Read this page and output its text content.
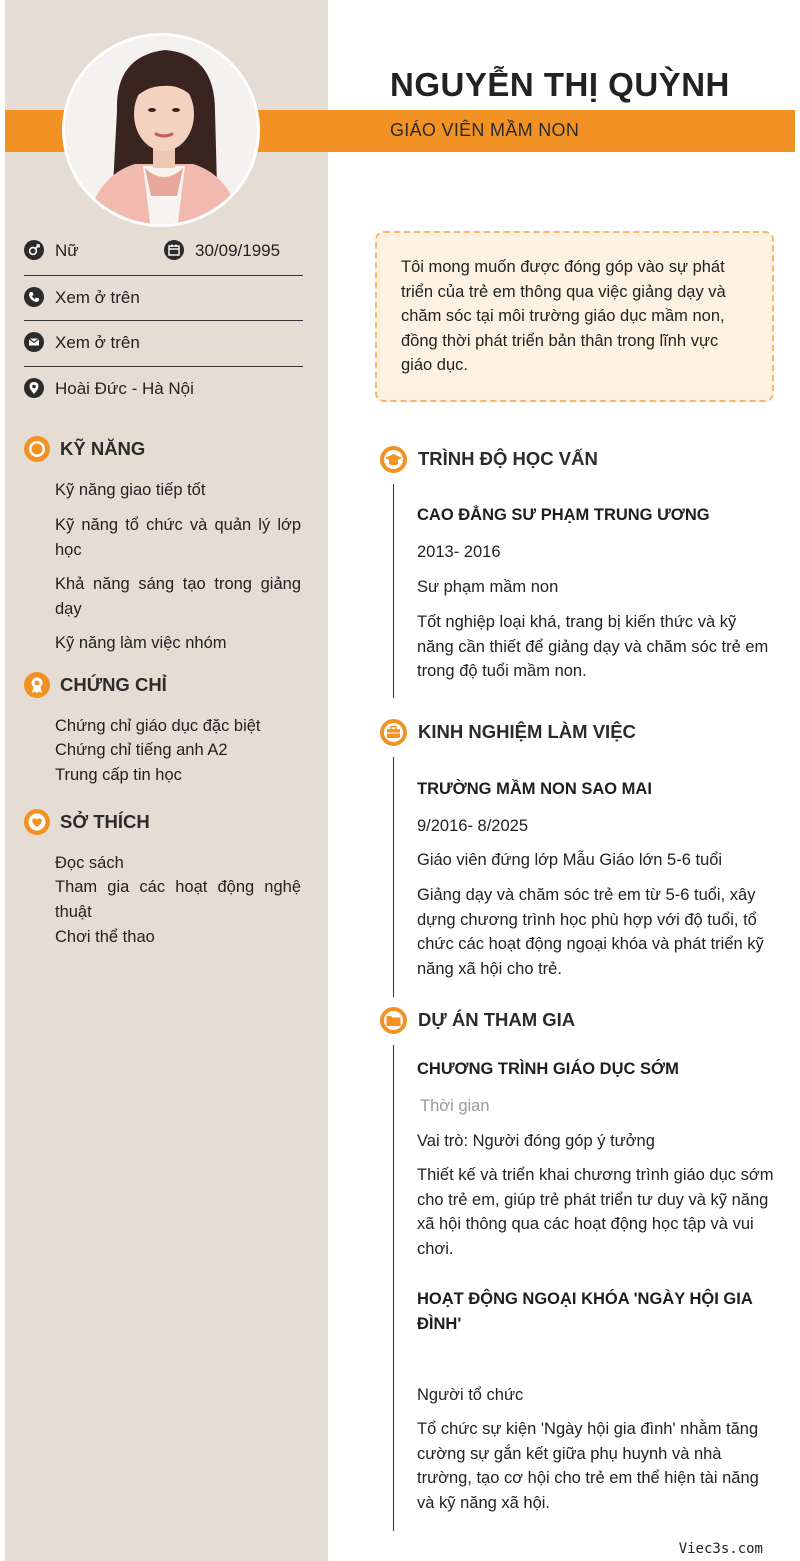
NGUYỄN THỊ QUỲNH
GIÁO VIÊN MẦM NON
Nữ	30/09/1995
Xem ở trên
Xem ở trên
Hoài Đức - Hà Nội
KỸ NĂNG
Kỹ năng giao tiếp tốt
Kỹ năng tổ chức và quản lý lớp học
Khả năng sáng tạo trong giảng dạy
Kỹ năng làm việc nhóm
CHỨNG CHỈ
Chứng chỉ giáo dục đặc biệt
Chứng chỉ tiếng anh A2
Trung cấp tin học
SỞ THÍCH
Đọc sách
Tham gia các hoạt động nghệ thuật
Chơi thể thao
Tôi mong muốn được đóng góp vào sự phát triển của trẻ em thông qua việc giảng dạy và chăm sóc tại môi trường giáo dục mầm non, đồng thời phát triển bản thân trong lĩnh vực giáo dục.
TRÌNH ĐỘ HỌC VẤN
CAO ĐẲNG SƯ PHẠM TRUNG ƯƠNG
2013- 2016
Sư phạm mầm non
Tốt nghiệp loại khá, trang bị kiến thức và kỹ năng cần thiết để giảng dạy và chăm sóc trẻ em trong độ tuổi mầm non.
KINH NGHIỆM LÀM VIỆC
TRƯỜNG MẦM NON SAO MAI
9/2016- 8/2025
Giáo viên đứng lớp Mẫu Giáo lớn 5-6 tuổi
Giảng dạy và chăm sóc trẻ em từ 5-6 tuổi, xây dựng chương trình học phù hợp với độ tuổi, tổ chức các hoạt động ngoại khóa và phát triển kỹ năng xã hội cho trẻ.
DỰ ÁN THAM GIA
CHƯƠNG TRÌNH GIÁO DỤC SỚM
Thời gian
Vai trò: Người đóng góp ý tưởng
Thiết kế và triển khai chương trình giáo dục sớm cho trẻ em, giúp trẻ phát triển tư duy và kỹ năng xã hội thông qua các hoạt động học tập và vui chơi.
HOẠT ĐỘNG NGOẠI KHÓA 'NGÀY HỘI GIA ĐÌNH'
Người tổ chức
Tổ chức sự kiện 'Ngày hội gia đình' nhằm tăng cường sự gắn kết giữa phụ huynh và nhà trường, tạo cơ hội cho trẻ em thể hiện tài năng và kỹ năng xã hội.
Viec3s.com
